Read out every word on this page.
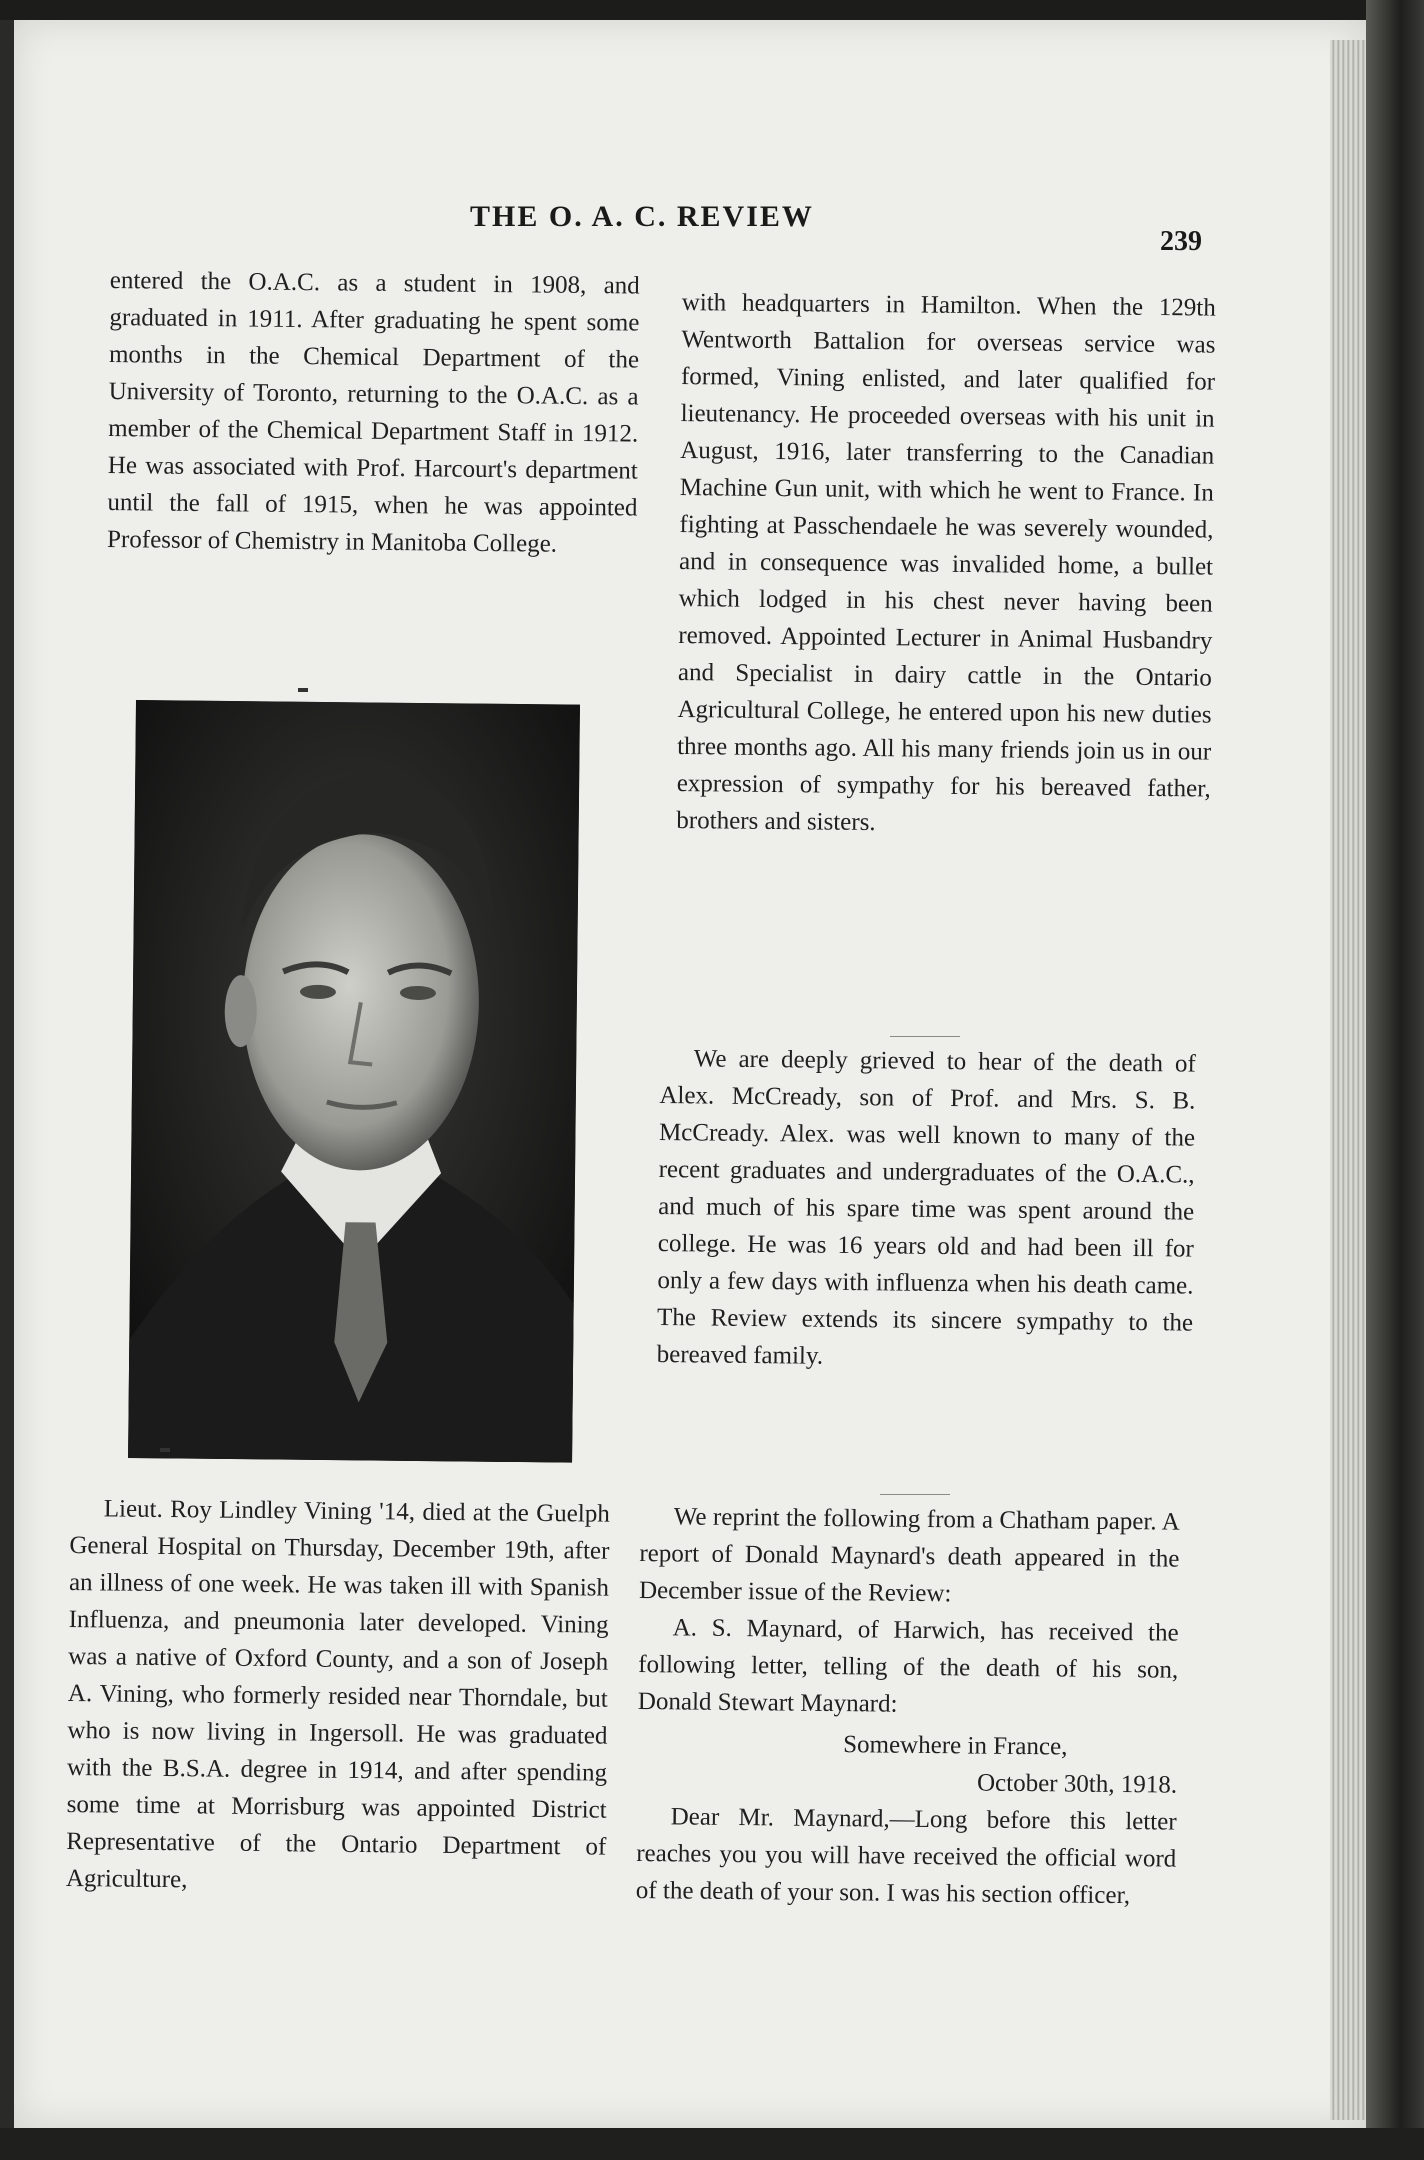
THE O. A. C. REVIEW
239

entered the O.A.C. as a student in 1908, and graduated in 1911. After graduating he spent some months in the Chemical Department of the University of Toronto, returning to the O.A.C. as a member of the Chemical Department Staff in 1912. He was associated with Prof. Harcourt's department until the fall of 1915, when he was appointed Professor of Chemistry in Manitoba College.

Lieut. Roy Lindley Vining '14, died at the Guelph General Hospital on Thursday, December 19th, after an illness of one week. He was taken ill with Spanish Influenza, and pneumonia later developed. Vining was a native of Oxford County, and a son of Joseph A. Vining, who formerly resided near Thorndale, but who is now living in Ingersoll. He was graduated with the B.S.A. degree in 1914, and after spending some time at Morrisburg was appointed District Representative of the Ontario Department of Agriculture,

with headquarters in Hamilton. When the 129th Wentworth Battalion for overseas service was formed, Vining enlisted, and later qualified for lieutenancy. He proceeded overseas with his unit in August, 1916, later transferring to the Canadian Machine Gun unit, with which he went to France. In fighting at Passchendaele he was severely wounded, and in consequence was invalided home, a bullet which lodged in his chest never having been removed. Appointed Lecturer in Animal Husbandry and Specialist in dairy cattle in the Ontario Agricultural College, he entered upon his new duties three months ago. All his many friends join us in our expression of sympathy for his bereaved father, brothers and sisters.

We are deeply grieved to hear of the death of Alex. McCready, son of Prof. and Mrs. S. B. McCready. Alex. was well known to many of the recent graduates and undergraduates of the O.A.C., and much of his spare time was spent around the college. He was 16 years old and had been ill for only a few days with influenza when his death came. The Review extends its sincere sympathy to the bereaved family.

We reprint the following from a Chatham paper. A report of Donald Maynard's death appeared in the December issue of the Review:

A. S. Maynard, of Harwich, has received the following letter, telling of the death of his son, Donald Stewart Maynard:

Somewhere in France,

October 30th, 1918.

Dear Mr. Maynard,—Long before this letter reaches you you will have received the official word of the death of your son. I was his section officer,
